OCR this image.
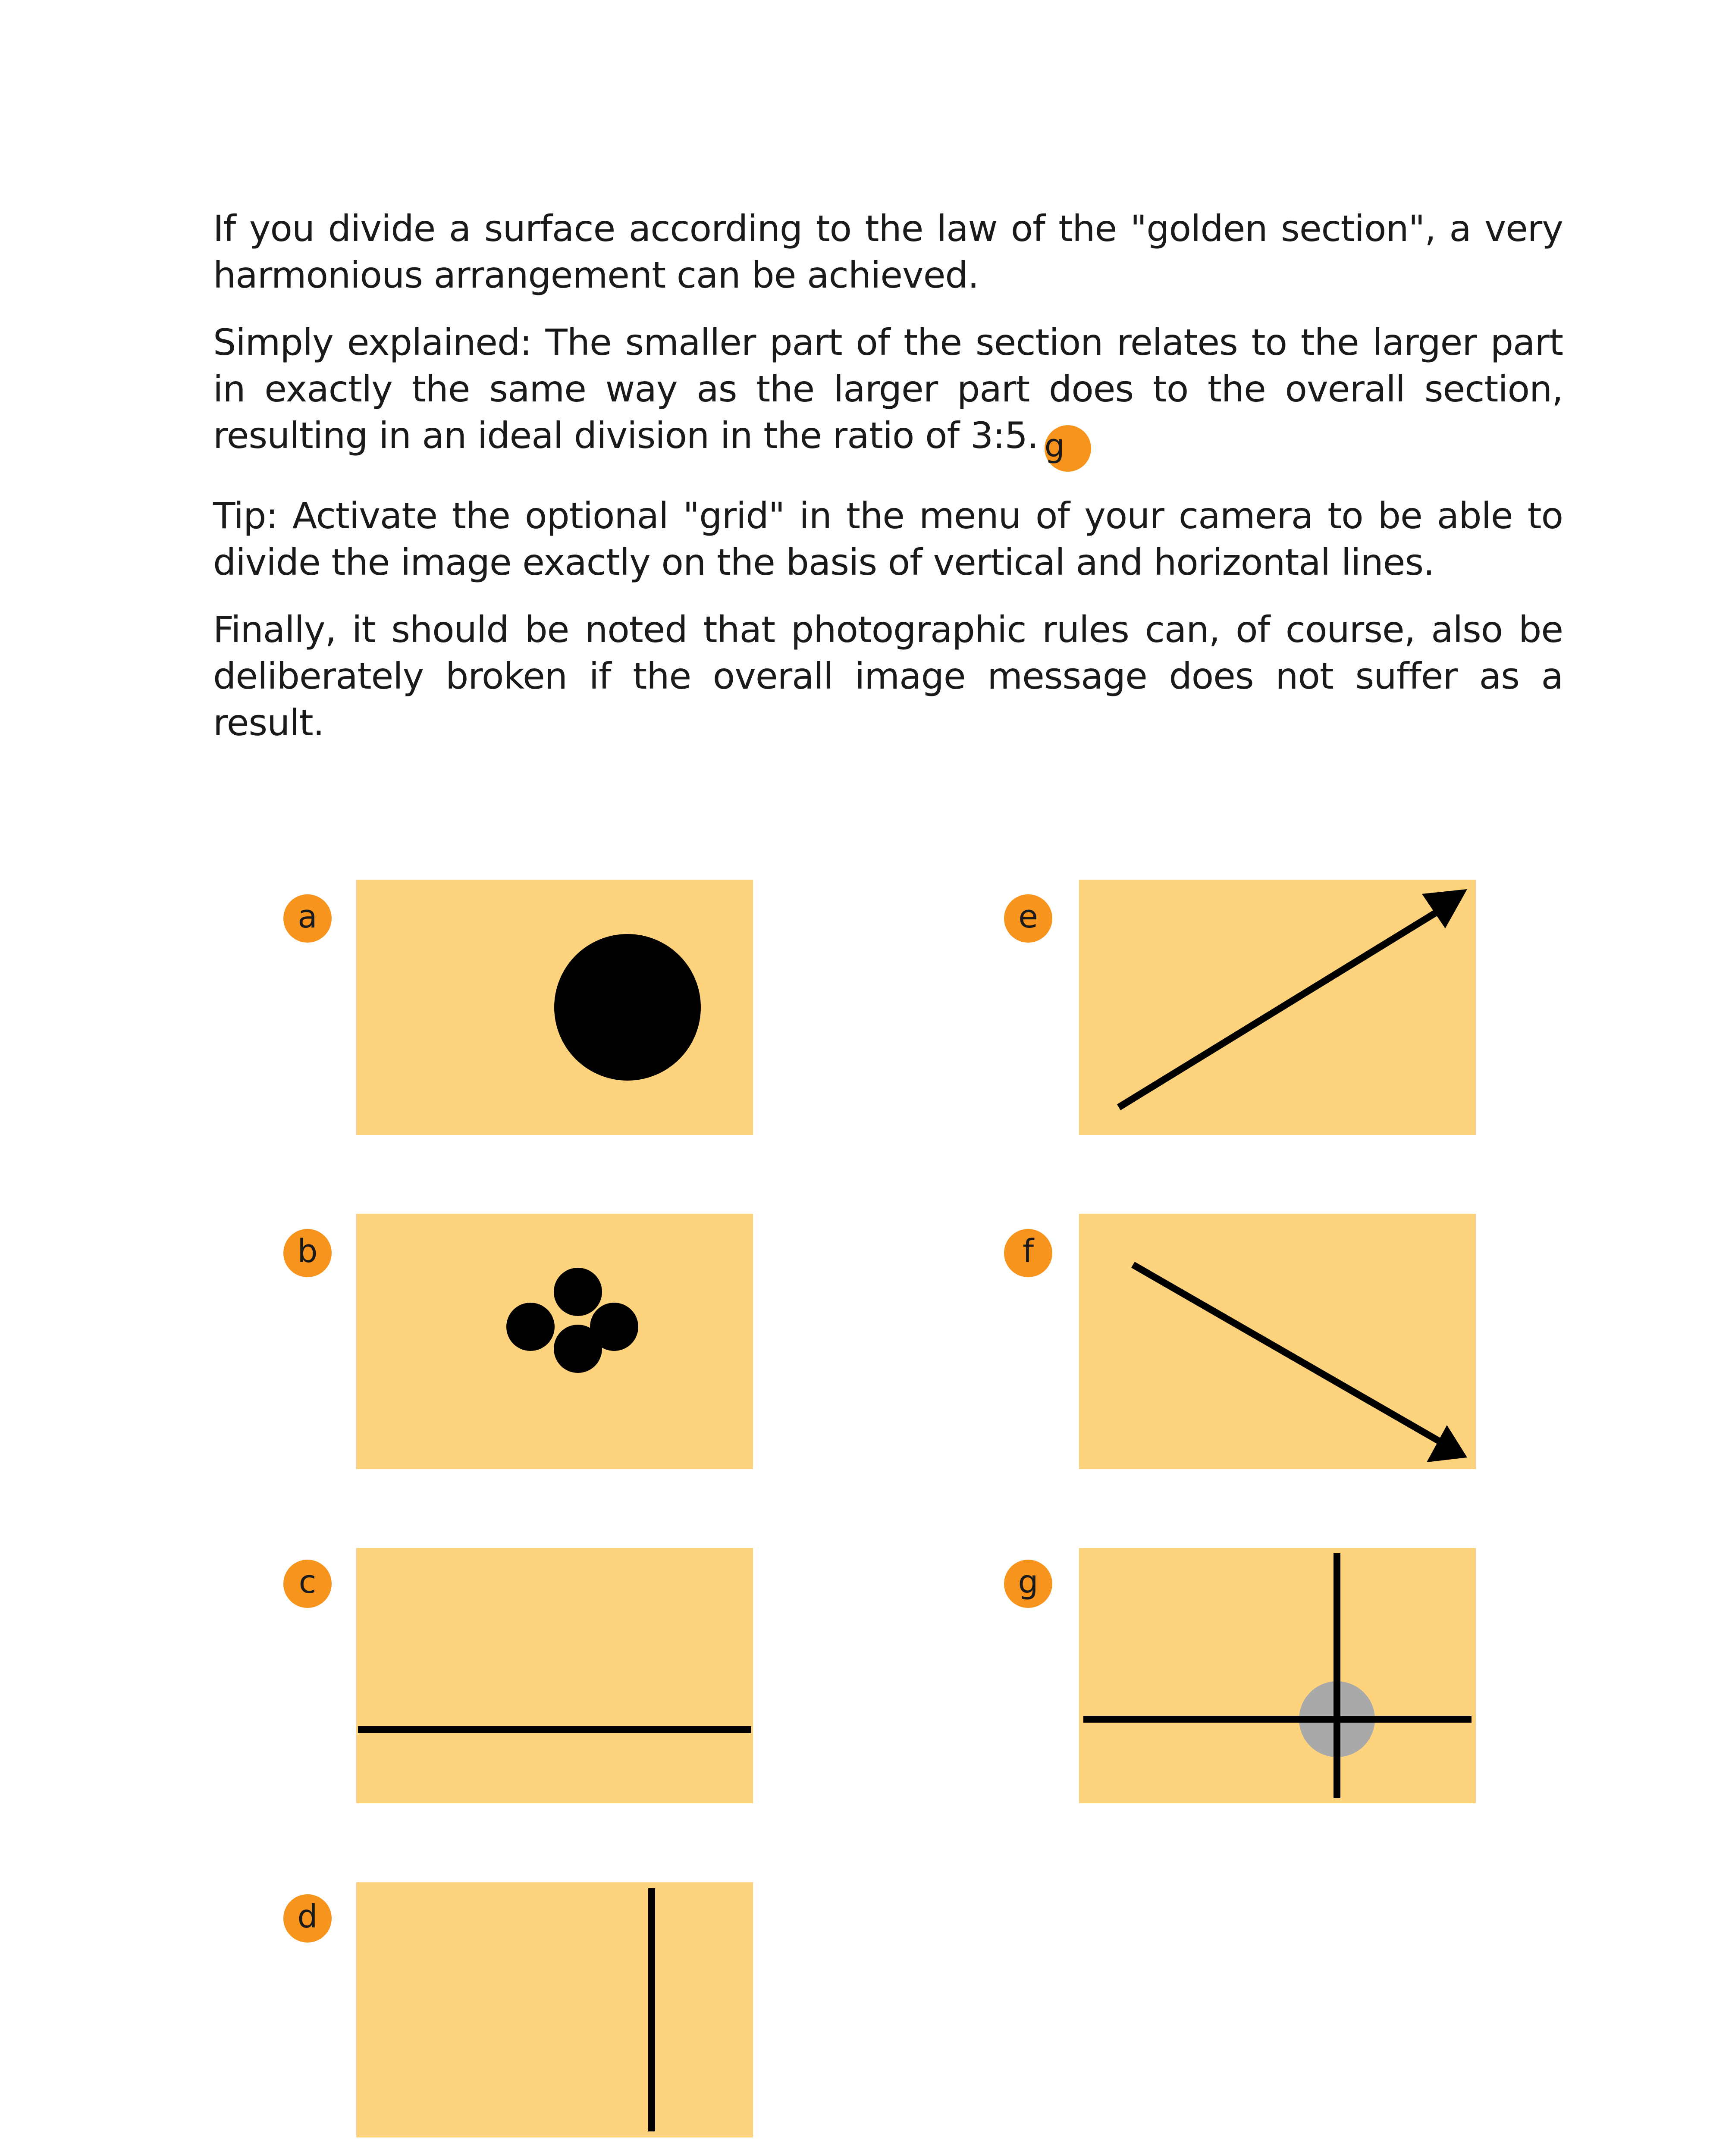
If you divide a surface according to the law of the "golden section", a very harmonious arrangement can be achieved.

Simply explained: The smaller part of the section relates to the larger part in exactly the same way as the larger part does to the overall section, resulting in an ideal division in the ratio of 3:5. g

Tip: Activate the optional "grid" in the menu of your camera to be able to divide the image exactly on the basis of vertical and horizontal lines.

Finally, it should be noted that photographic rules can, of course, also be deliberately broken if the overall image message does not suffer as a result.

a
b
c
d
e
f
g
